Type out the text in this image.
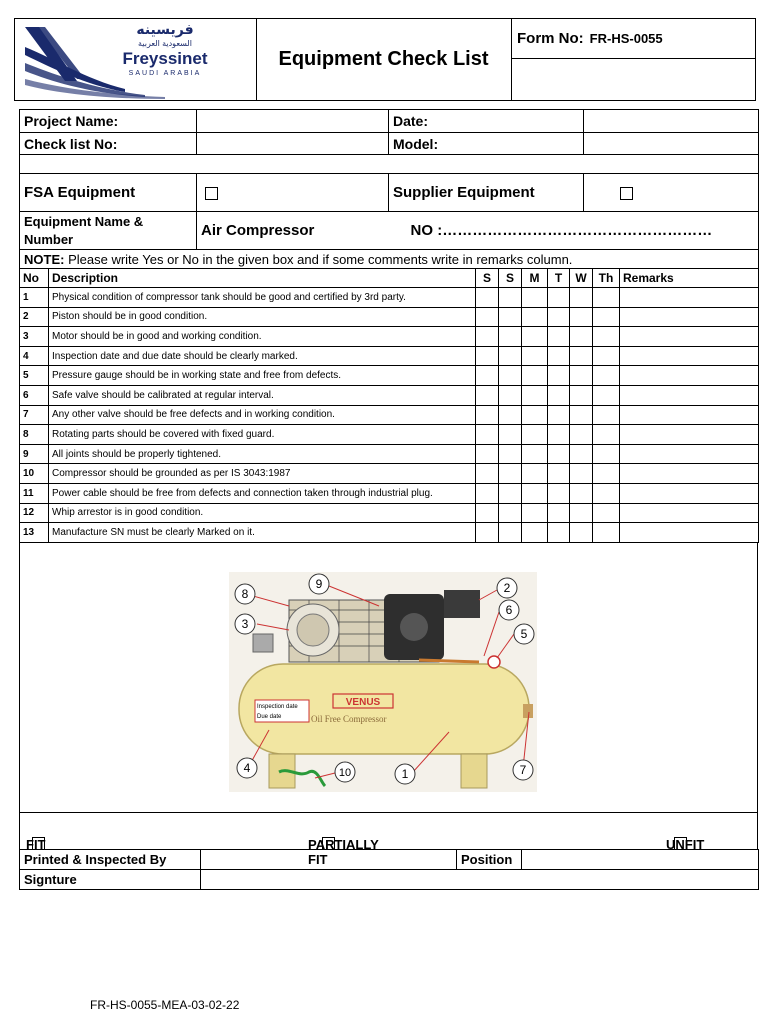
فريسينه
السعودية العربية
Freyssinet
SAUDI ARABIA
Equipment Check List
Form No: FR-HS-0055
Project Name:		Date:	
Check list No:		Model:	

FSA Equipment		Supplier Equipment	
Equipment Name & Number	Air Compressor NO :………………………………………………		
NOTE: Please write Yes or No in the given box and if some comments write in remarks column.			
No	Description	S	S	M	T	W	Th	Remarks
1	Physical condition of compressor tank should be good and certified by 3rd party.							
2	Piston should be in good condition.							
3	Motor should be in good and working condition.							
4	Inspection date and due date should be clearly marked.							
5	Pressure gauge should be in working state and free from defects.							
6	Safe valve should be calibrated at regular interval.							
7	Any other valve should be free defects and in working condition.							
8	Rotating parts should be covered with fixed guard.							
9	All joints should be properly tightened.							
10	Compressor should be grounded as per IS 3043:1987							
11	Power cable should be free from defects and connection taken through industrial plug.							
12	Whip arrestor is in good condition.							
13	Manufacture SN must be clearly Marked on it.							
Inspection date
Due date
VENUS
Oil Free Compressor
8
9
3
2
6
5
4	10	1	7
FIT	PARTIALLY FIT
UNFIT
Printed & Inspected By		Position	
Signture			
FR-HS-0055-MEA-03-02-22
